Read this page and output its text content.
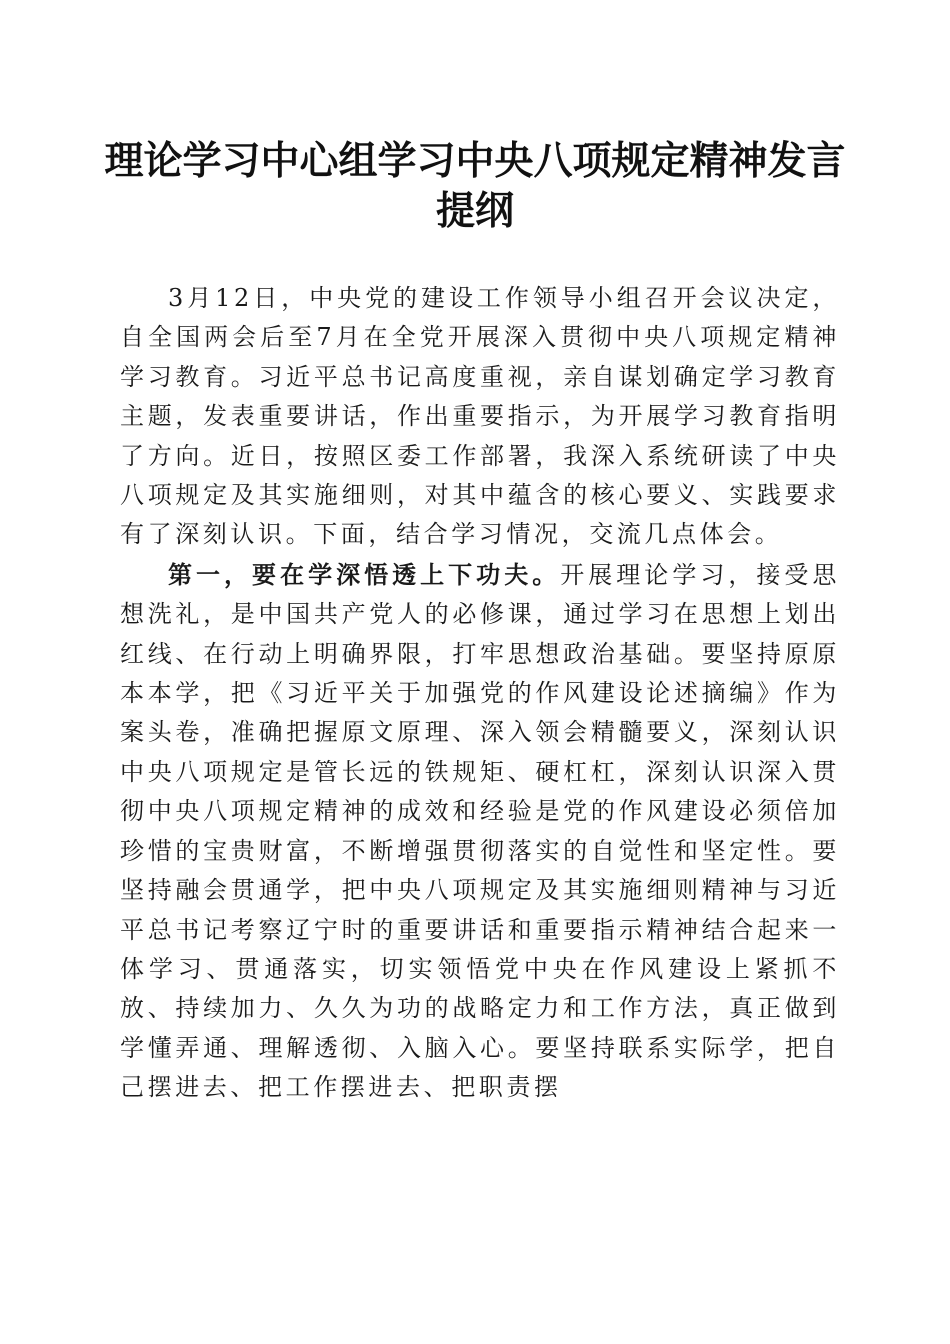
理论学习中心组学习中央八项规定精神发言提纲

3月12日，中央党的建设工作领导小组召开会议决定，自全国两会后至7月在全党开展深入贯彻中央八项规定精神学习教育。习近平总书记高度重视，亲自谋划确定学习教育主题，发表重要讲话，作出重要指示，为开展学习教育指明了方向。近日，按照区委工作部署，我深入系统研读了中央八项规定及其实施细则，对其中蕴含的核心要义、实践要求有了深刻认识。下面，结合学习情况，交流几点体会。

第一，要在学深悟透上下功夫。开展理论学习，接受思想洗礼，是中国共产党人的必修课，通过学习在思想上划出红线、在行动上明确界限，打牢思想政治基础。要坚持原原本本学，把《习近平关于加强党的作风建设论述摘编》作为案头卷，准确把握原文原理、深入领会精髓要义，深刻认识中央八项规定是管长远的铁规矩、硬杠杠，深刻认识深入贯彻中央八项规定精神的成效和经验是党的作风建设必须倍加珍惜的宝贵财富，不断增强贯彻落实的自觉性和坚定性。要坚持融会贯通学，把中央八项规定及其实施细则精神与习近平总书记考察辽宁时的重要讲话和重要指示精神结合起来一体学习、贯通落实，切实领悟党中央在作风建设上紧抓不放、持续加力、久久为功的战略定力和工作方法，真正做到学懂弄通、理解透彻、入脑入心。要坚持联系实际学，把自己摆进去、把工作摆进去、把职责摆
